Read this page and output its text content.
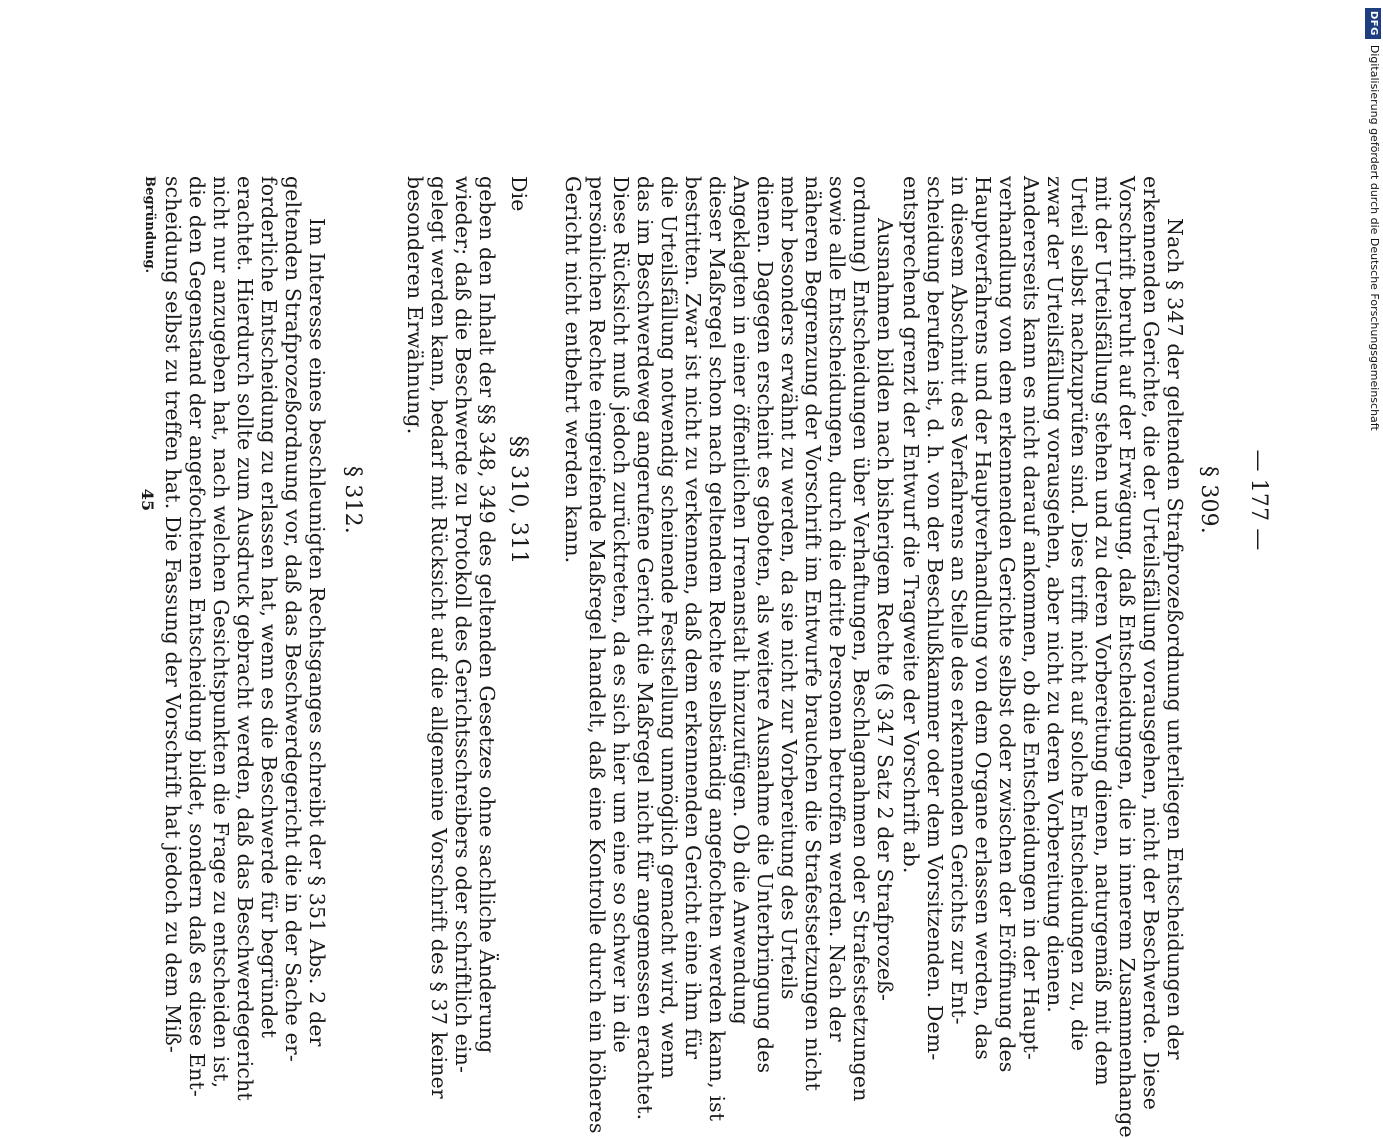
— 177 —
§ 309.
Nach § 347 der geltenden Strafprozeßordnung unterliegen Entscheidungen der
erkennenden Gerichte, die der Urteilsfällung vorausgehen, nicht der Beschwerde. Diese
Vorschrift beruht auf der Erwägung, daß Entscheidungen, die in innerem Zusammenhange
mit der Urteilsfällung stehen und zu deren Vorbereitung dienen, naturgemäß mit dem
Urteil selbst nachzuprüfen sind. Dies trifft nicht auf solche Entscheidungen zu, die
zwar der Urteilsfällung vorausgehen, aber nicht zu deren Vorbereitung dienen.
Andererseits kann es nicht darauf ankommen, ob die Entscheidungen in der Haupt-
verhandlung von dem erkennenden Gerichte selbst oder zwischen der Eröffnung des
Hauptverfahrens und der Hauptverhandlung von dem Organe erlassen werden, das
in diesem Abschnitt des Verfahrens an Stelle des erkennenden Gerichts zur Ent-
scheidung berufen ist, d. h. von der Beschlußkammer oder dem Vorsitzenden. Dem-
entsprechend grenzt der Entwurf die Tragweite der Vorschrift ab.
Ausnahmen bilden nach bisherigem Rechte (§ 347 Satz 2 der Strafprozeß-
ordnung) Entscheidungen über Verhaftungen, Beschlagnahmen oder Strafestsetzungen
sowie alle Entscheidungen, durch die dritte Personen betroffen werden. Nach der
näheren Begrenzung der Vorschrift im Entwurfe brauchen die Strafestsetzungen nicht
mehr besonders erwähnt zu werden, da sie nicht zur Vorbereitung des Urteils
dienen. Dagegen erscheint es geboten, als weitere Ausnahme die Unterbringung des
Angeklagten in einer öffentlichen Irrenanstalt hinzuzufügen. Ob die Anwendung
dieser Maßregel schon nach geltendem Rechte selbständig angefochten werden kann, ist
bestritten. Zwar ist nicht zu verkennen, daß dem erkennenden Gericht eine ihm für
die Urteilsfällung notwendig scheinende Feststellung unmöglich gemacht wird, wenn
das im Beschwerdeweg angerufene Gericht die Maßregel nicht für angemessen erachtet.
Diese Rücksicht muß jedoch zurücktreten, da es sich hier um eine so schwer in die
persönlichen Rechte eingreifende Maßregel handelt, daß eine Kontrolle durch ein höheres
Gericht nicht entbehrt werden kann.
Die
§§ 310, 311
geben den Inhalt der §§ 348, 349 des geltenden Gesetzes ohne sachliche Änderung
wieder; daß die Beschwerde zu Protokoll des Gerichtsschreibers oder schriftlich ein-
gelegt werden kann, bedarf mit Rücksicht auf die allgemeine Vorschrift des § 37 keiner
besonderen Erwähnung.
§ 312.
Im Interesse eines beschleunigten Rechtsganges schreibt der § 351 Abs. 2 der
geltenden Strafprozeßordnung vor, daß das Beschwerdegericht die in der Sache er-
forderliche Entscheidung zu erlassen hat, wenn es die Beschwerde für begründet
erachtet. Hierdurch sollte zum Ausdruck gebracht werden, daß das Beschwerdegericht
nicht nur anzugeben hat, nach welchen Gesichtspunkten die Frage zu entscheiden ist,
die den Gegenstand der angefochtenen Entscheidung bildet, sondern daß es diese Ent-
scheidung selbst zu treffen hat. Die Fassung der Vorschrift hat jedoch zu dem Miß-
Begründung.
45
DFGDigitalisierung gefördert durch die Deutsche Forschungsgemeinschaft
